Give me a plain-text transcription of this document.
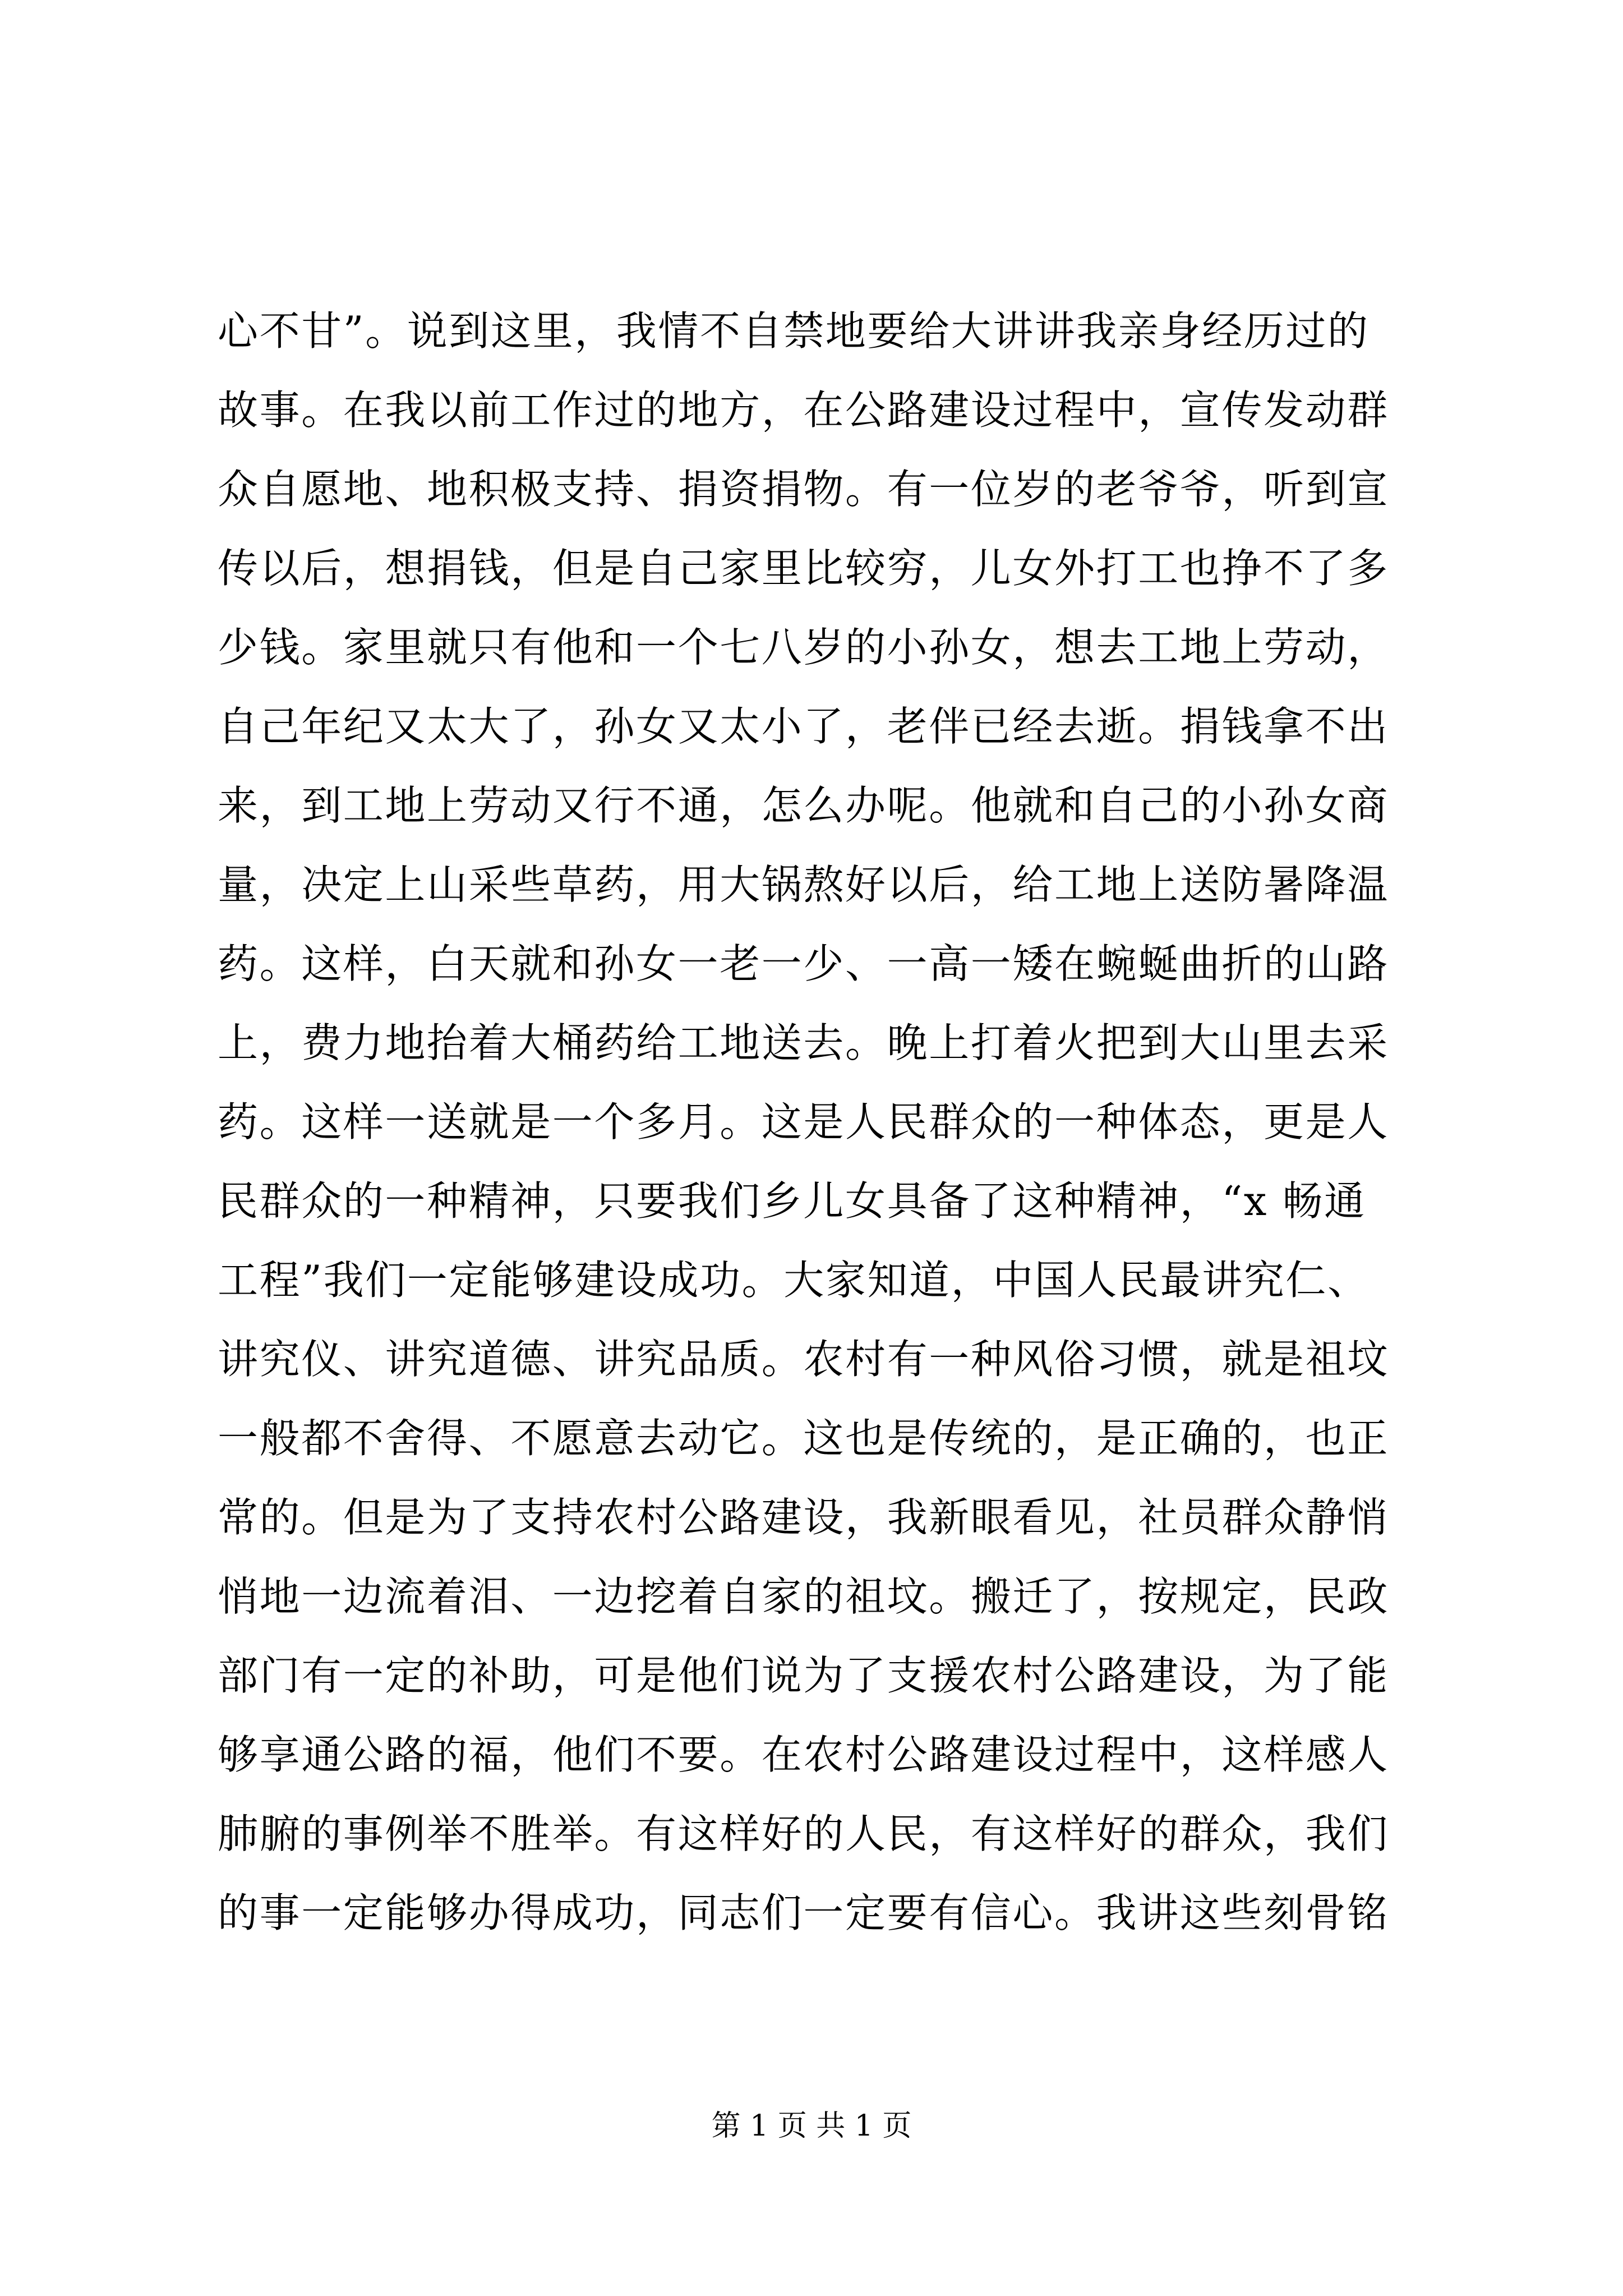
心不甘”。说到这里，我情不自禁地要给大讲讲我亲身经历过的
故事。在我以前工作过的地方，在公路建设过程中，宣传发动群
众自愿地、地积极支持、捐资捐物。有一位岁的老爷爷，听到宣
传以后，想捐钱，但是自己家里比较穷，儿女外打工也挣不了多
少钱。家里就只有他和一个七八岁的小孙女，想去工地上劳动，
自己年纪又太大了，孙女又太小了，老伴已经去逝。捐钱拿不出
来，到工地上劳动又行不通，怎么办呢。他就和自己的小孙女商
量，决定上山采些草药，用大锅熬好以后，给工地上送防暑降温
药。这样，白天就和孙女一老一少、一高一矮在蜿蜒曲折的山路
上，费力地抬着大桶药给工地送去。晚上打着火把到大山里去采
药。这样一送就是一个多月。这是人民群众的一种体态，更是人
民群众的一种精神，只要我们乡儿女具备了这种精神，“x 畅通
工程”我们一定能够建设成功。大家知道，中国人民最讲究仁、
讲究仪、讲究道德、讲究品质。农村有一种风俗习惯，就是祖坟
一般都不舍得、不愿意去动它。这也是传统的，是正确的，也正
常的。但是为了支持农村公路建设，我新眼看见，社员群众静悄
悄地一边流着泪、一边挖着自家的祖坟。搬迁了，按规定，民政
部门有一定的补助，可是他们说为了支援农村公路建设，为了能
够享通公路的福，他们不要。在农村公路建设过程中，这样感人
肺腑的事例举不胜举。有这样好的人民，有这样好的群众，我们
的事一定能够办得成功，同志们一定要有信心。我讲这些刻骨铭
第 1 页 共 1 页
